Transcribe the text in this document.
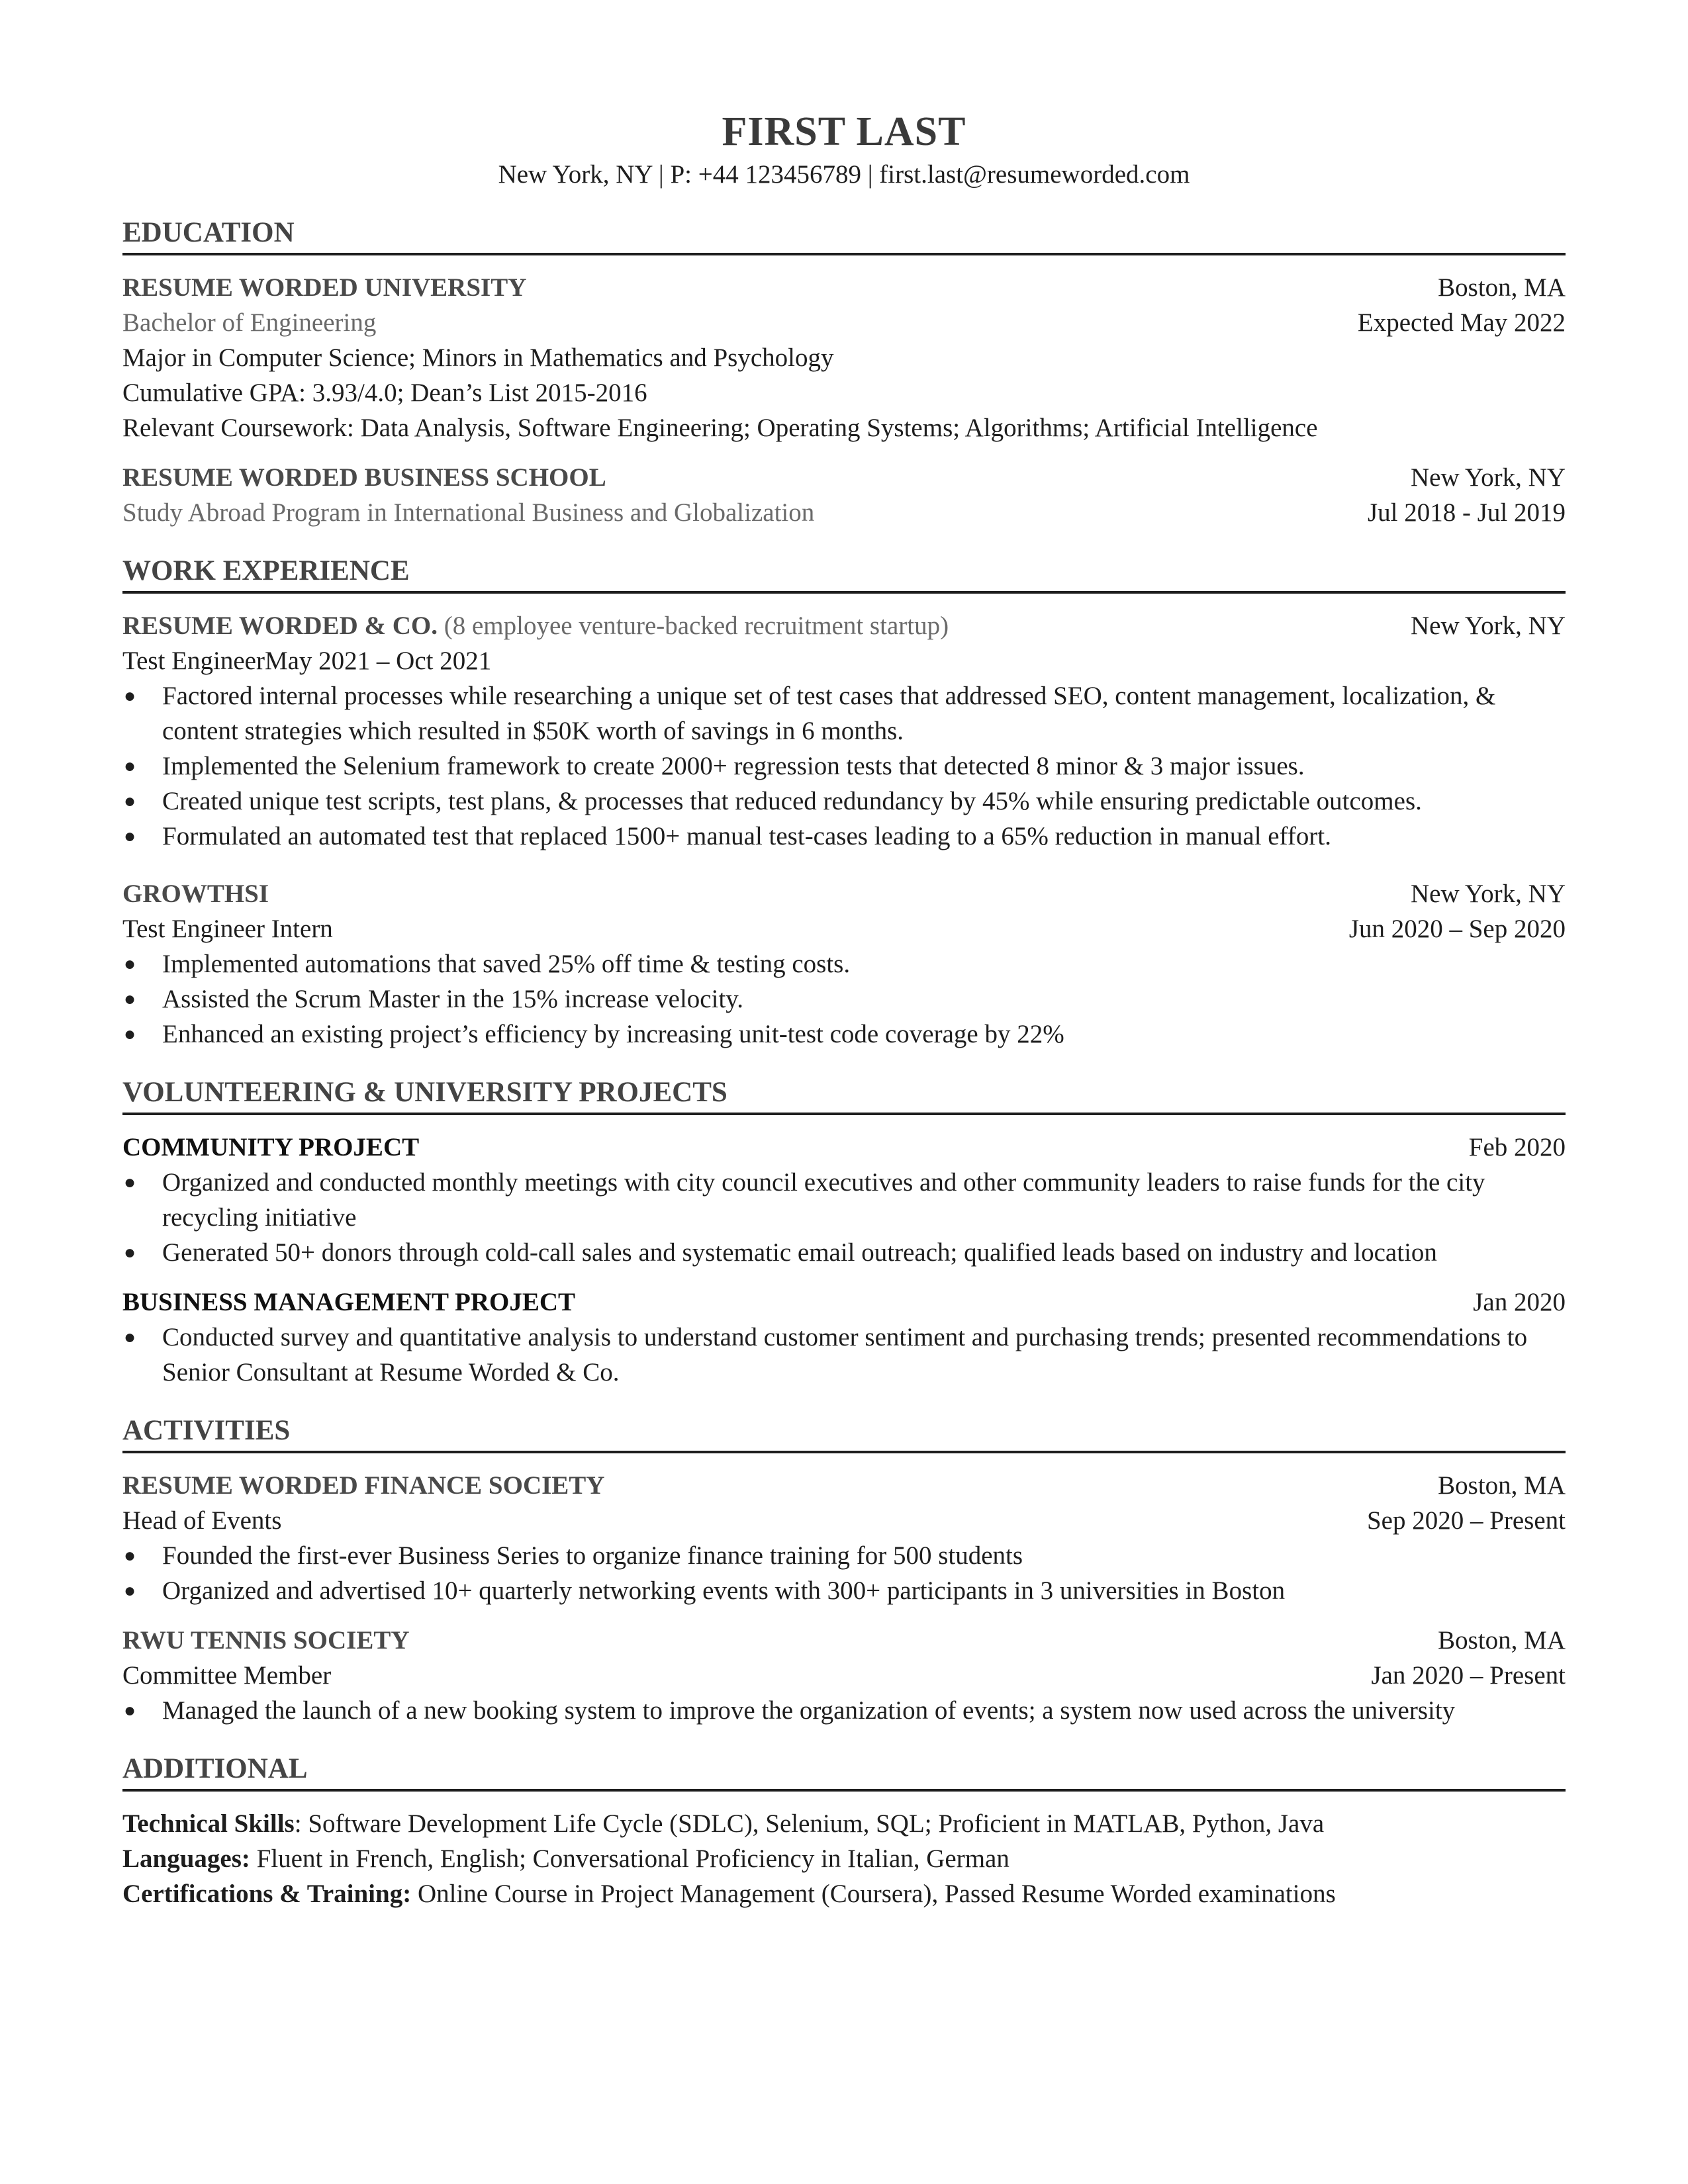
FIRST LAST
New York, NY | P: +44 123456789 | first.last@resumeworded.com
EDUCATION
RESUME WORDED UNIVERSITY	Boston, MA
Bachelor of Engineering	Expected May 2022
Major in Computer Science; Minors in Mathematics and Psychology
Cumulative GPA: 3.93/4.0; Dean’s List 2015-2016
Relevant Coursework: Data Analysis, Software Engineering; Operating Systems; Algorithms; Artificial Intelligence
RESUME WORDED BUSINESS SCHOOL	New York, NY
Study Abroad Program in International Business and Globalization	Jul 2018 - Jul 2019
WORK EXPERIENCE
RESUME WORDED & CO. (8 employee venture-backed recruitment startup)	New York, NY
Test EngineerMay 2021 – Oct 2021
● Factored internal processes while researching a unique set of test cases that addressed SEO, content management, localization, & content strategies which resulted in $50K worth of savings in 6 months.
● Implemented the Selenium framework to create 2000+ regression tests that detected 8 minor & 3 major issues.
● Created unique test scripts, test plans, & processes that reduced redundancy by 45% while ensuring predictable outcomes.
● Formulated an automated test that replaced 1500+ manual test-cases leading to a 65% reduction in manual effort.
GROWTHSI	New York, NY
Test Engineer Intern	Jun 2020 – Sep 2020
● Implemented automations that saved 25% off time & testing costs.
● Assisted the Scrum Master in the 15% increase velocity.
● Enhanced an existing project’s efficiency by increasing unit-test code coverage by 22%
VOLUNTEERING & UNIVERSITY PROJECTS
COMMUNITY PROJECT	Feb 2020
● Organized and conducted monthly meetings with city council executives and other community leaders to raise funds for the city recycling initiative
● Generated 50+ donors through cold-call sales and systematic email outreach; qualified leads based on industry and location
BUSINESS MANAGEMENT PROJECT	Jan 2020
● Conducted survey and quantitative analysis to understand customer sentiment and purchasing trends; presented recommendations to Senior Consultant at Resume Worded & Co.
ACTIVITIES
RESUME WORDED FINANCE SOCIETY	Boston, MA
Head of Events	Sep 2020 – Present
● Founded the first-ever Business Series to organize finance training for 500 students
● Organized and advertised 10+ quarterly networking events with 300+ participants in 3 universities in Boston
RWU TENNIS SOCIETY	Boston, MA
Committee Member	Jan 2020 – Present
● Managed the launch of a new booking system to improve the organization of events; a system now used across the university
ADDITIONAL
Technical Skills: Software Development Life Cycle (SDLC), Selenium, SQL; Proficient in MATLAB, Python, Java
Languages: Fluent in French, English; Conversational Proficiency in Italian, German
Certifications & Training: Online Course in Project Management (Coursera), Passed Resume Worded examinations
